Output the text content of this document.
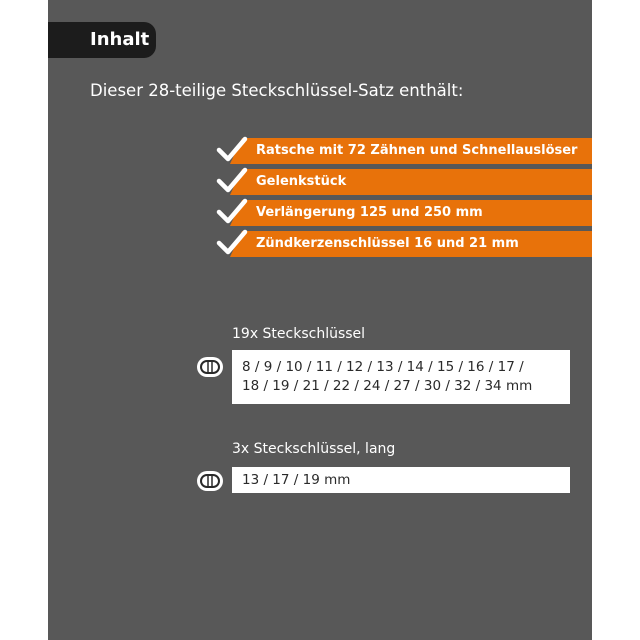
Inhalt
Dieser 28-teilige Steckschlüssel-Satz enthält:
Ratsche mit 72 Zähnen und Schnellauslöser
Gelenkstück
Verlängerung 125 und 250 mm
Zündkerzenschlüssel 16 und 21 mm
19x Steckschlüssel
8 / 9 / 10 / 11 / 12 / 13 / 14 / 15 / 16 / 17 /
18 / 19 / 21 / 22 / 24 / 27 / 30 / 32 / 34 mm
3x Steckschlüssel, lang
13 / 17 / 19 mm
